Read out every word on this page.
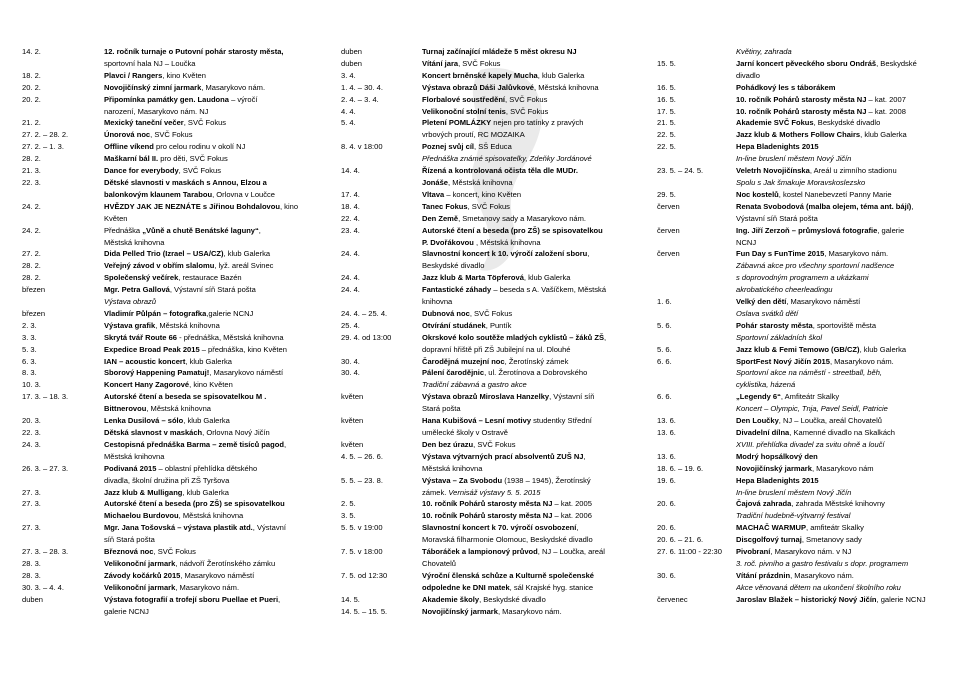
14. 2.	12. ročník turnaje o Putovní pohár starosty města,
sportovní hala NJ – Loučka
18. 2.	Plavci / Rangers, kino Květen
20. 2.	Novojičínský zimní jarmark, Masarykovo nám.
20. 2.	Připomínka památky gen. Laudona – výročí
narození, Masarykovo nám. NJ
21. 2.	Mexický taneční večer, SVČ Fokus
27. 2. – 28. 2.	Únorová noc, SVČ Fokus
27. 2. – 1. 3.	Offline víkend pro celou rodinu v okolí NJ
28. 2.	Maškarní bál II. pro děti, SVČ Fokus
21. 3.	Dance for everybody, SVČ Fokus
22. 3.	Dětské slavnosti v maskách s Annou, Elzou a
balonkovým klaunem Tarabou, Orlovna v Loučce
24. 2.	HVĚZDY JAK JE NEZNÁTE s Jiřinou Bohdalovou, kino
Květen
24. 2.	Přednáška „Vůně a chutě Benátské laguny“,
Městská knihovna
27. 2.	Dida Pelled Trio (Izrael – USA/CZ), klub Galerka
28. 2.	Veřejný závod v obřím slalomu, lyž. areál Svinec
28. 2.	Společenský večírek, restaurace Bazén
březen	Mgr. Petra Gallová, Výstavní síň Stará pošta
Výstava obrazů
březen	Vladimír Půlpán – fotografka,galerie NCNJ
2. 3.	Výstava grafik, Městská knihovna
3. 3.	Skrytá tvář Route 66 - přednáška, Městská knihovna
5. 3.	Expedice Broad Peak 2015 – přednáška, kino Květen
6. 3.	IAN – acoustic koncert, klub Galerka
8. 3.	Sborový Happening Pamatuj!, Masarykovo náměstí
10. 3.	Koncert Hany Zagorové, kino Květen
17. 3. – 18. 3.	Autorské čtení a beseda se spisovatelkou M .
Bittnerovou, Městská knihovna
20. 3.	Lenka Dusilová – sólo, klub Galerka
22. 3.	Dětská slavnost v maskách, Orlovna Nový Jičín
24. 3.	Cestopisná přednáška Barma – země tisíců pagod,
Městská knihovna
26. 3. – 27. 3.	Podivaná 2015 – oblastní přehlídka dětského
divadla, školní družina při ZŠ Tyršova
27. 3.	Jazz klub & Mulligang, klub Galerka
27. 3.	Autorské čtení a beseda (pro ZŠ) se spisovatelkou
Michaelou Burdovou, Městská knihovna
27. 3.	Mgr. Jana Tošovská – výstava plastik atd., Výstavní
síň Stará pošta
27. 3. – 28. 3.	Březnová noc, SVČ Fokus
28. 3.	Velikonoční jarmark, nádvoří Žerotínského zámku
28. 3.	Závody kočárků 2015, Masarykovo náměstí
30. 3. – 4. 4.	Velikonoční jarmark, Masarykovo nám.
duben	Výstava fotografií a trofejí sboru Puellae et Pueri,
galerie NCNJ
duben	Turnaj začínající mládeže 5 měst okresu NJ
duben	Vítání jara, SVČ Fokus
3. 4.	Koncert brněnské kapely Mucha, klub Galerka
1. 4. – 30. 4.	Výstava obrazů Dáši Jalůvkové, Městská knihovna
2. 4. – 3. 4.	Florbalové soustředění, SVČ Fokus
4. 4.	Velikonoční stolní tenis, SVČ Fokus
5. 4.	Pletení POMLÁZKY nejen pro tatínky z pravých
vrbových proutí, RC MOZAIKA
8. 4. v 18:00	Poznej svůj cíl, SŠ Educa
Přednáška známé spisovatelky, Zdeňky Jordánové
14. 4.	Řízená a kontrolovaná očista těla dle MUDr.
Jonáše, Městská knihovna
17. 4.	Vltava – koncert, kino Květen
18. 4.	Tanec Fokus, SVČ Fokus
22. 4.	Den Země, Smetanovy sady a Masarykovo nám.
23. 4.	Autorské čtení a beseda (pro ZŠ) se spisovatelkou
P. Dvořákovou , Městská knihovna
24. 4.	Slavnostní koncert k 10. výročí založení sboru,
Beskydské divadlo
24. 4.	Jazz klub & Marta Töpferová, klub Galerka
24. 4.	Fantastické záhady – beseda s A. Vašíčkem, Městská
knihovna
24. 4. – 25. 4.	Dubnová noc, SVČ Fokus
25. 4.	Otvírání studánek, Puntík
29. 4. od 13:00	Okrskové kolo soutěže mladých cyklistů – žáků ZŠ,
dopravní hřiště při ZŠ Jubilejní na ul. Dlouhé
30. 4.	Čarodějná muzejní noc, Žerotínský zámek
30. 4.	Pálení čarodějnic, ul. Žerotínova a Dobrovského
Tradiční zábavná a gastro akce
květen	Výstava obrazů Miroslava Hanzelky, Výstavní síň
Stará pošta
květen	Hana Kubišová – Lesní motivy studentky Střední
umělecké školy v Ostravě
květen	Den bez úrazu, SVČ Fokus
4. 5. – 26. 6.	Výstava výtvarných prací absolventů ZUŠ NJ,
Městská knihovna
5. 5. – 23. 8.	Výstava – Za Svobodu (1938 – 1945), Žerotínský
zámek. Vernisáž výstavy 5. 5. 2015
2. 5.	10. ročník Pohárů starosty města NJ – kat. 2005
3. 5.	10. ročník Pohárů starosty města NJ – kat. 2006
5. 5. v 19:00	Slavnostní koncert k 70. výročí osvobození,
Moravská filharmonie Olomouc, Beskydské divadlo
7. 5. v 18:00	Táboráček a lampionový průvod, NJ – Loučka, areál
Chovatelů
7. 5. od 12:30	Výroční členská schůze a Kulturně společenské
odpoledne ke DNI matek, sál Krajské hyg. stanice
14. 5.	Akademie školy, Beskydské divadlo
14. 5. – 15. 5.	Novojičínský jarmark, Masarykovo nám.
Květiny, zahrada
15. 5.	Jarní koncert pěveckého sboru Ondráš, Beskydské
divadlo
16. 5.	Pohádkový les s táborákem
16. 5.	10. ročník Pohárů starosty města NJ – kat. 2007
17. 5.	10. ročník Pohárů starosty města NJ – kat. 2008
21. 5.	Akademie SVČ Fokus, Beskydské divadlo
22. 5.	Jazz klub & Mothers Follow Chairs, klub Galerka
22. 5.	Hepa Bladenights 2015
In-line bruslení městem Nový Jičín
23. 5. – 24. 5.	Veletrh Novojičínska, Areál u zimního stadionu
Spolu s Jak šmakuje Moravskoslezsko
29. 5.	Noc kostelů, kostel Nanebevzetí Panny Marie
červen	Renata Svobodová (malba olejem, téma ant. bájí),
Výstavní síň Stará pošta
červen	Ing. Jiří Zerzoň – průmyslová fotografie, galerie
NCNJ
červen	Fun Day s FunTime 2015, Masarykovo nám.
Zábavná akce pro všechny sportovní nadšence
s doprovodným programem a ukázkami
akrobatického cheerleadingu
1. 6.	Velký den dětí, Masarykovo náměstí
Oslava svátků dětí
5. 6.	Pohár starosty města, sportoviště města
Sportovní základních škol
5. 6.	Jazz klub & Femi Temowo (GB/CZ), klub Galerka
6. 6.	SportFest Nový Jičín 2015, Masarykovo nám.
Sportovní akce na náměstí - streetball, běh,
cyklistika, házená
6. 6.	„Legendy 6“, Amfiteátr Skalky
Koncert – Olympic, Tnja, Pavel Seidl, Patricie
13. 6.	Den Loučky, NJ – Loučka, areál Chovatelů
13. 6.	Divadelní dílna, Kamenné divadlo na Skalkách
XVIII. přehlídka divadel za svitu ohně a loučí
13. 6.	Modrý hopsálkový den
18. 6. – 19. 6.	Novojičínský jarmark, Masarykovo nám
19. 6.	Hepa Bladenights 2015
In-line bruslení městem Nový Jičín
20. 6.	Čajová zahrada, zahrada Městské knihovny
Tradiční hudebně-výtvarný festival
20. 6.	MACHAČ WARMUP, amfiteátr Skalky
20. 6. – 21. 6.	Discgolfový turnaj, Smetanovy sady
27. 6. 11:00 - 22:30	Pivobraní, Masarykovo nám. v NJ
3. roč. pivního a gastro festivalu s dopr. programem
30. 6.	Vítání prázdnin, Masarykovo nám.
Akce věnovaná dětem na ukončení školního roku
červenec	Jaroslav Blažek – historický Nový Jičín, galerie NCNJ
